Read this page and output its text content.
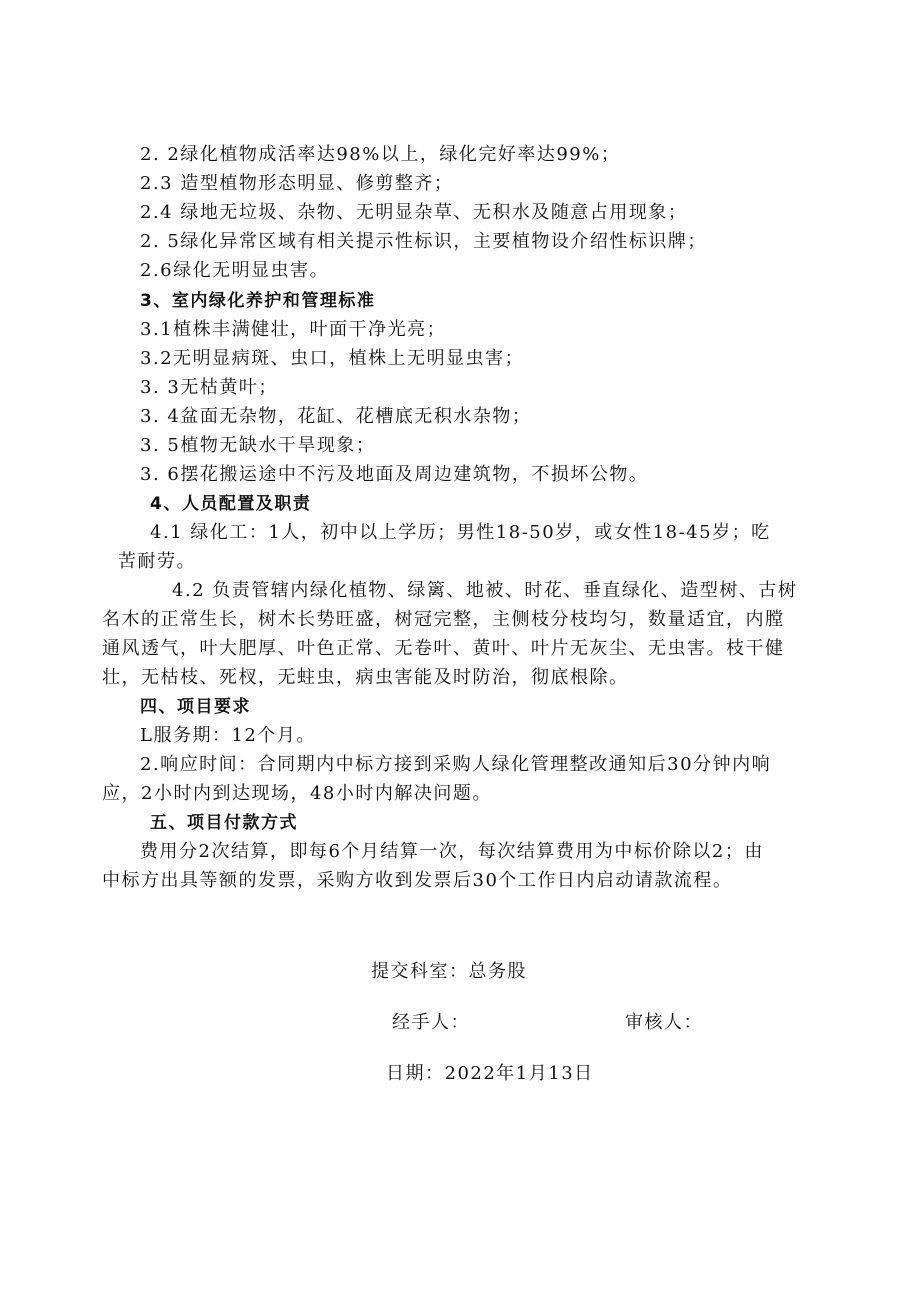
2. 2绿化植物成活率达98%以上，绿化完好率达99%；
2.3 造型植物形态明显、修剪整齐；
2.4 绿地无垃圾、杂物、无明显杂草、无积水及随意占用现象；
2. 5绿化异常区域有相关提示性标识，主要植物设介绍性标识牌；
2.6绿化无明显虫害。
3、室内绿化养护和管理标准
3.1植株丰满健壮，叶面干净光亮；
3.2无明显病斑、虫口，植株上无明显虫害；
3. 3无枯黄叶；
3. 4盆面无杂物，花缸、花槽底无积水杂物；
3. 5植物无缺水干旱现象；
3. 6摆花搬运途中不污及地面及周边建筑物，不损坏公物。
4、人员配置及职责
4.1 绿化工：1人，初中以上学历；男性18-50岁，或女性18-45岁；吃
苦耐劳。
4.2 负责管辖内绿化植物、绿篱、地被、时花、垂直绿化、造型树、古树
名木的正常生长，树木长势旺盛，树冠完整，主侧枝分枝均匀，数量适宜，内膛
通风透气，叶大肥厚、叶色正常、无卷叶、黄叶、叶片无灰尘、无虫害。枝干健
壮，无枯枝、死杈，无蛀虫，病虫害能及时防治，彻底根除。
四、项目要求
L服务期：12个月。
2.响应时间：合同期内中标方接到采购人绿化管理整改通知后30分钟内响
应，2小时内到达现场，48小时内解决问题。
五、项目付款方式
费用分2次结算，即每6个月结算一次，每次结算费用为中标价除以2；由
中标方出具等额的发票，采购方收到发票后30个工作日内启动请款流程。
提交科室：总务股
经手人：	审核人：
日期：2022年1月13日
